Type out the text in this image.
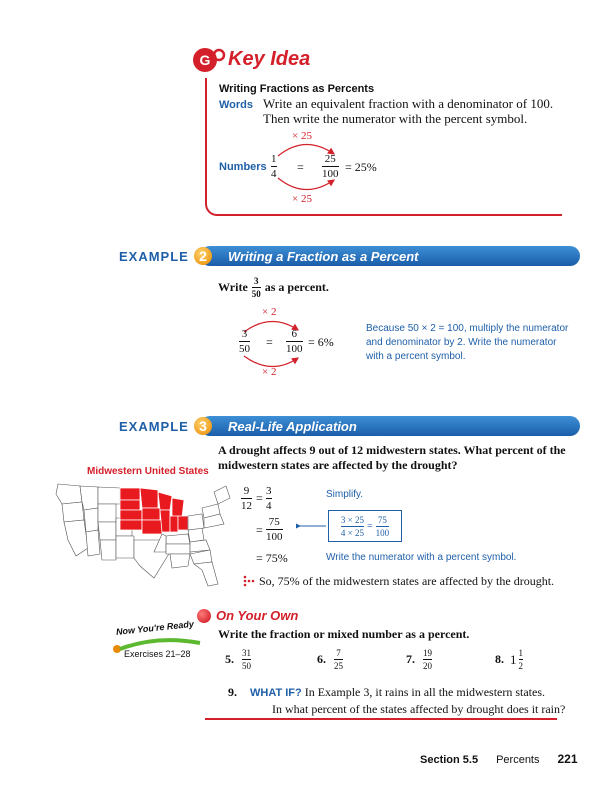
G Key Idea
Writing Fractions as Percents
Words Write an equivalent fraction with a denominator of 100.
Then write the numerator with the percent symbol.
Numbers
× 25
× 25
1
4 =
25
100 = 25%
EXAMPLE 2	Writing a Fraction as a Percent
Write $\frac{3}{50}$ as a percent.
× 2
× 2
3
50 =
6
100 = 6%
Because 50 × 2 = 100, multiply the numerator
and denominator by 2. Write the numerator
with a percent symbol.
EXAMPLE 3	Real-Life Application
A drought affects 9 out of 12 midwestern states. What percent of the
midwestern states are affected by the drought?
Midwestern United States
9
12
= 3
4
Simplify.
=
75
100	$\frac{3 \times 25}{4 \times 25} = \frac{75}{100}$
= 75%	Write the numerator with a percent symbol.
So, 75% of the midwestern states are affected by the drought.
On Your Own
Now You're Ready
Exercises 21–28
Write the fraction or mixed number as a percent.
5. $\frac{31}{50}$	6. $\frac{7}{25}$	7. $\frac{19}{20}$	8. $1 \frac{1}{2}$
9. WHAT IF? In Example 3, it rains in all the midwestern states.
In what percent of the states affected by drought does it rain?
Section 5.5 Percents 221
